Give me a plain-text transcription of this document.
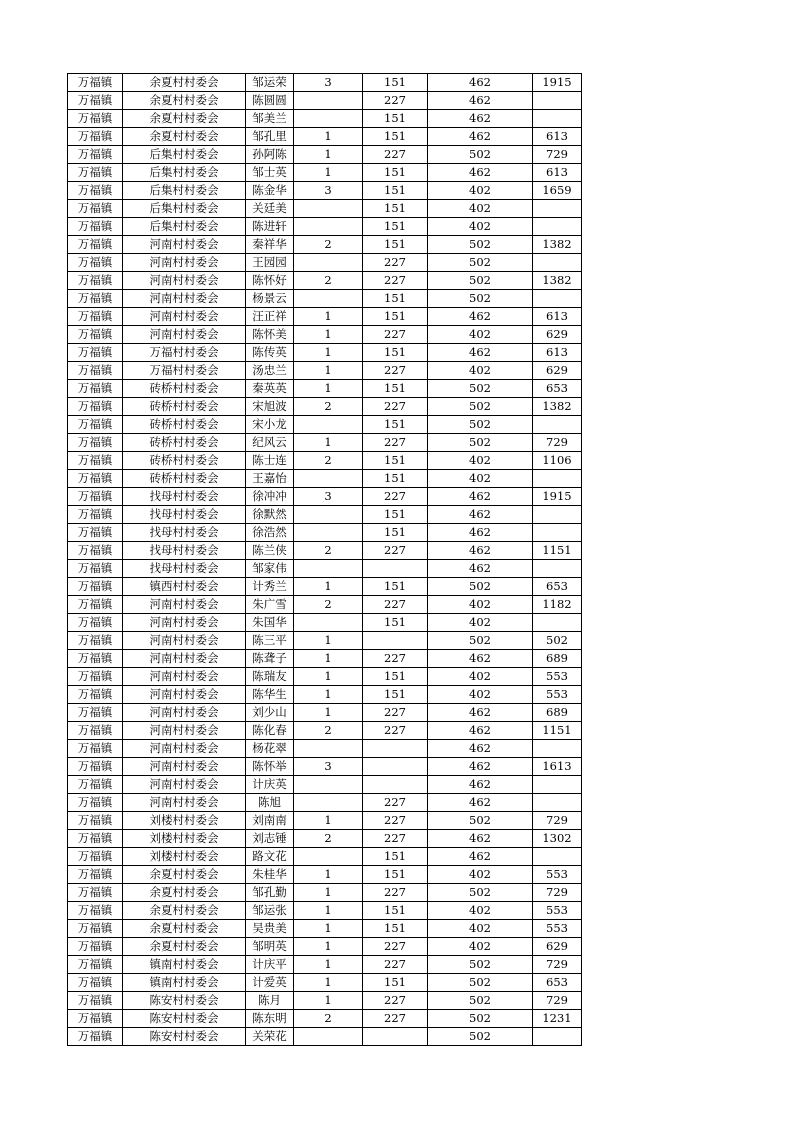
万福镇	余夏村村委会	邹运荣	3	151	462	1915
万福镇	余夏村村委会	陈圆圆		227	462	
万福镇	余夏村村委会	邹美兰		151	462	
万福镇	余夏村村委会	邹孔里	1	151	462	613
万福镇	后集村村委会	孙阿陈	1	227	502	729
万福镇	后集村村委会	邹士英	1	151	462	613
万福镇	后集村村委会	陈金华	3	151	402	1659
万福镇	后集村村委会	关廷美		151	402	
万福镇	后集村村委会	陈进轩		151	402	
万福镇	河南村村委会	秦祥华	2	151	502	1382
万福镇	河南村村委会	王园园		227	502	
万福镇	河南村村委会	陈怀好	2	227	502	1382
万福镇	河南村村委会	杨景云		151	502	
万福镇	河南村村委会	汪正祥	1	151	462	613
万福镇	河南村村委会	陈怀美	1	227	402	629
万福镇	万福村村委会	陈传英	1	151	462	613
万福镇	万福村村委会	汤忠兰	1	227	402	629
万福镇	砖桥村村委会	秦英英	1	151	502	653
万福镇	砖桥村村委会	宋旭波	2	227	502	1382
万福镇	砖桥村村委会	宋小龙		151	502	
万福镇	砖桥村村委会	纪风云	1	227	502	729
万福镇	砖桥村村委会	陈士连	2	151	402	1106
万福镇	砖桥村村委会	王嘉怡		151	402	
万福镇	找母村村委会	徐冲冲	3	227	462	1915
万福镇	找母村村委会	徐默然		151	462	
万福镇	找母村村委会	徐浩然		151	462	
万福镇	找母村村委会	陈兰侠	2	227	462	1151
万福镇	找母村村委会	邹家伟			462	
万福镇	镇西村村委会	计秀兰	1	151	502	653
万福镇	河南村村委会	朱广雪	2	227	402	1182
万福镇	河南村村委会	朱国华		151	402	
万福镇	河南村村委会	陈三平	1		502	502
万福镇	河南村村委会	陈聋子	1	227	462	689
万福镇	河南村村委会	陈瑞友	1	151	402	553
万福镇	河南村村委会	陈华生	1	151	402	553
万福镇	河南村村委会	刘少山	1	227	462	689
万福镇	河南村村委会	陈化春	2	227	462	1151
万福镇	河南村村委会	杨花翠			462	
万福镇	河南村村委会	陈怀举	3		462	1613
万福镇	河南村村委会	计庆英			462	
万福镇	河南村村委会	陈旭		227	462	
万福镇	刘楼村村委会	刘南南	1	227	502	729
万福镇	刘楼村村委会	刘志锤	2	227	462	1302
万福镇	刘楼村村委会	路文花		151	462	
万福镇	余夏村村委会	朱桂华	1	151	402	553
万福镇	余夏村村委会	邹孔勤	1	227	502	729
万福镇	余夏村村委会	邹运张	1	151	402	553
万福镇	余夏村村委会	吴贵美	1	151	402	553
万福镇	余夏村村委会	邹明英	1	227	402	629
万福镇	镇南村村委会	计庆平	1	227	502	729
万福镇	镇南村村委会	计爱英	1	151	502	653
万福镇	陈安村村委会	陈月	1	227	502	729
万福镇	陈安村村委会	陈东明	2	227	502	1231
万福镇	陈安村村委会	关荣花			502	
